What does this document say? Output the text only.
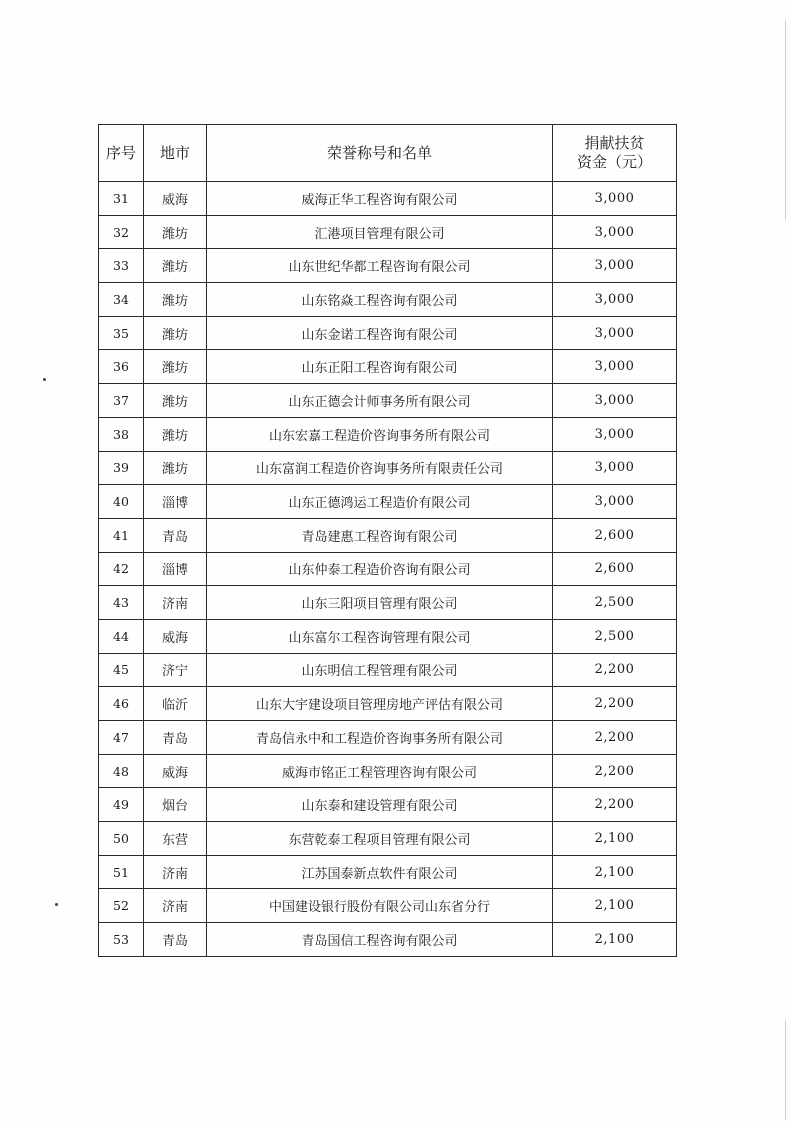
序号	地市	荣誉称号和名单	捐献扶贫
资金（元）

31	威海	威海正华工程咨询有限公司	3,000
32	潍坊	汇港项目管理有限公司	3,000
33	潍坊	山东世纪华都工程咨询有限公司	3,000
34	潍坊	山东铭焱工程咨询有限公司	3,000
35	潍坊	山东金诺工程咨询有限公司	3,000
36	潍坊	山东正阳工程咨询有限公司	3,000
37	潍坊	山东正德会计师事务所有限公司	3,000
38	潍坊	山东宏嘉工程造价咨询事务所有限公司	3,000
39	潍坊	山东富润工程造价咨询事务所有限责任公司	3,000
40	淄博	山东正德鸿运工程造价有限公司	3,000
41	青岛	青岛建惠工程咨询有限公司	2,600
42	淄博	山东仲泰工程造价咨询有限公司	2,600
43	济南	山东三阳项目管理有限公司	2,500
44	威海	山东富尔工程咨询管理有限公司	2,500
45	济宁	山东明信工程管理有限公司	2,200
46	临沂	山东大宇建设项目管理房地产评估有限公司	2,200
47	青岛	青岛信永中和工程造价咨询事务所有限公司	2,200
48	威海	威海市铭正工程管理咨询有限公司	2,200
49	烟台	山东泰和建设管理有限公司	2,200
50	东营	东营乾泰工程项目管理有限公司	2,100
51	济南	江苏国泰新点软件有限公司	2,100
52	济南	中国建设银行股份有限公司山东省分行	2,100
53	青岛	青岛国信工程咨询有限公司	2,100
